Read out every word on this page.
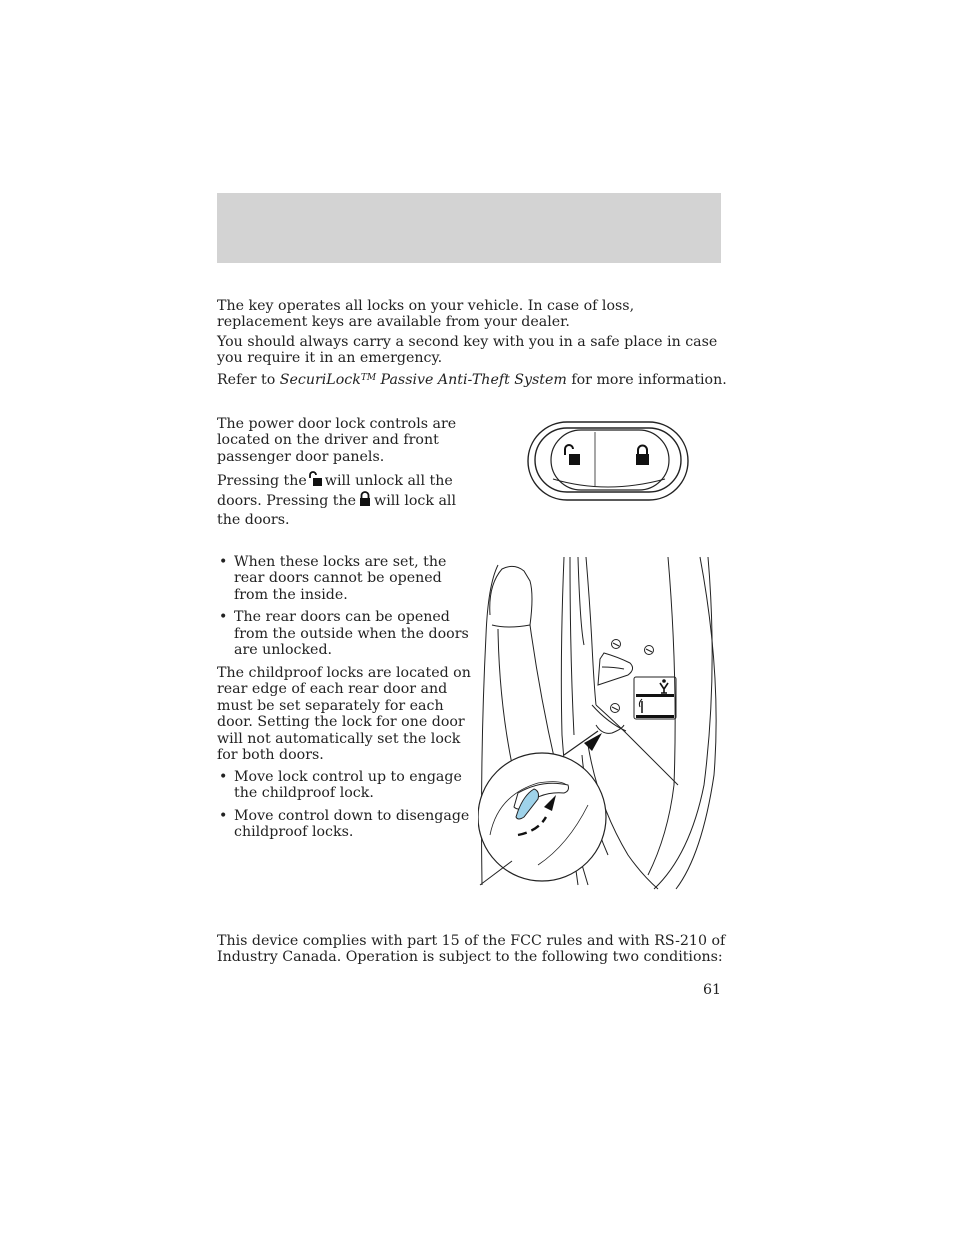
The key operates all locks on your vehicle. In case of loss, replacement keys are available from your dealer.

You should always carry a second key with you in a safe place in case you require it in an emergency.

Refer to SecuriLock™ Passive Anti-Theft System for more information.

The power door lock controls are located on the driver and front passenger door panels.

Pressing the will unlock all the doors. Pressing the will lock all the doors.

• When these locks are set, the rear doors cannot be opened from the inside.
• The rear doors can be opened from the outside when the doors are unlocked.

The childproof locks are located on rear edge of each rear door and must be set separately for each door. Setting the lock for one door will not automatically set the lock for both doors.

• Move lock control up to engage the childproof lock.
• Move control down to disengage childproof locks.

This device complies with part 15 of the FCC rules and with RS-210 of Industry Canada. Operation is subject to the following two conditions:

61
